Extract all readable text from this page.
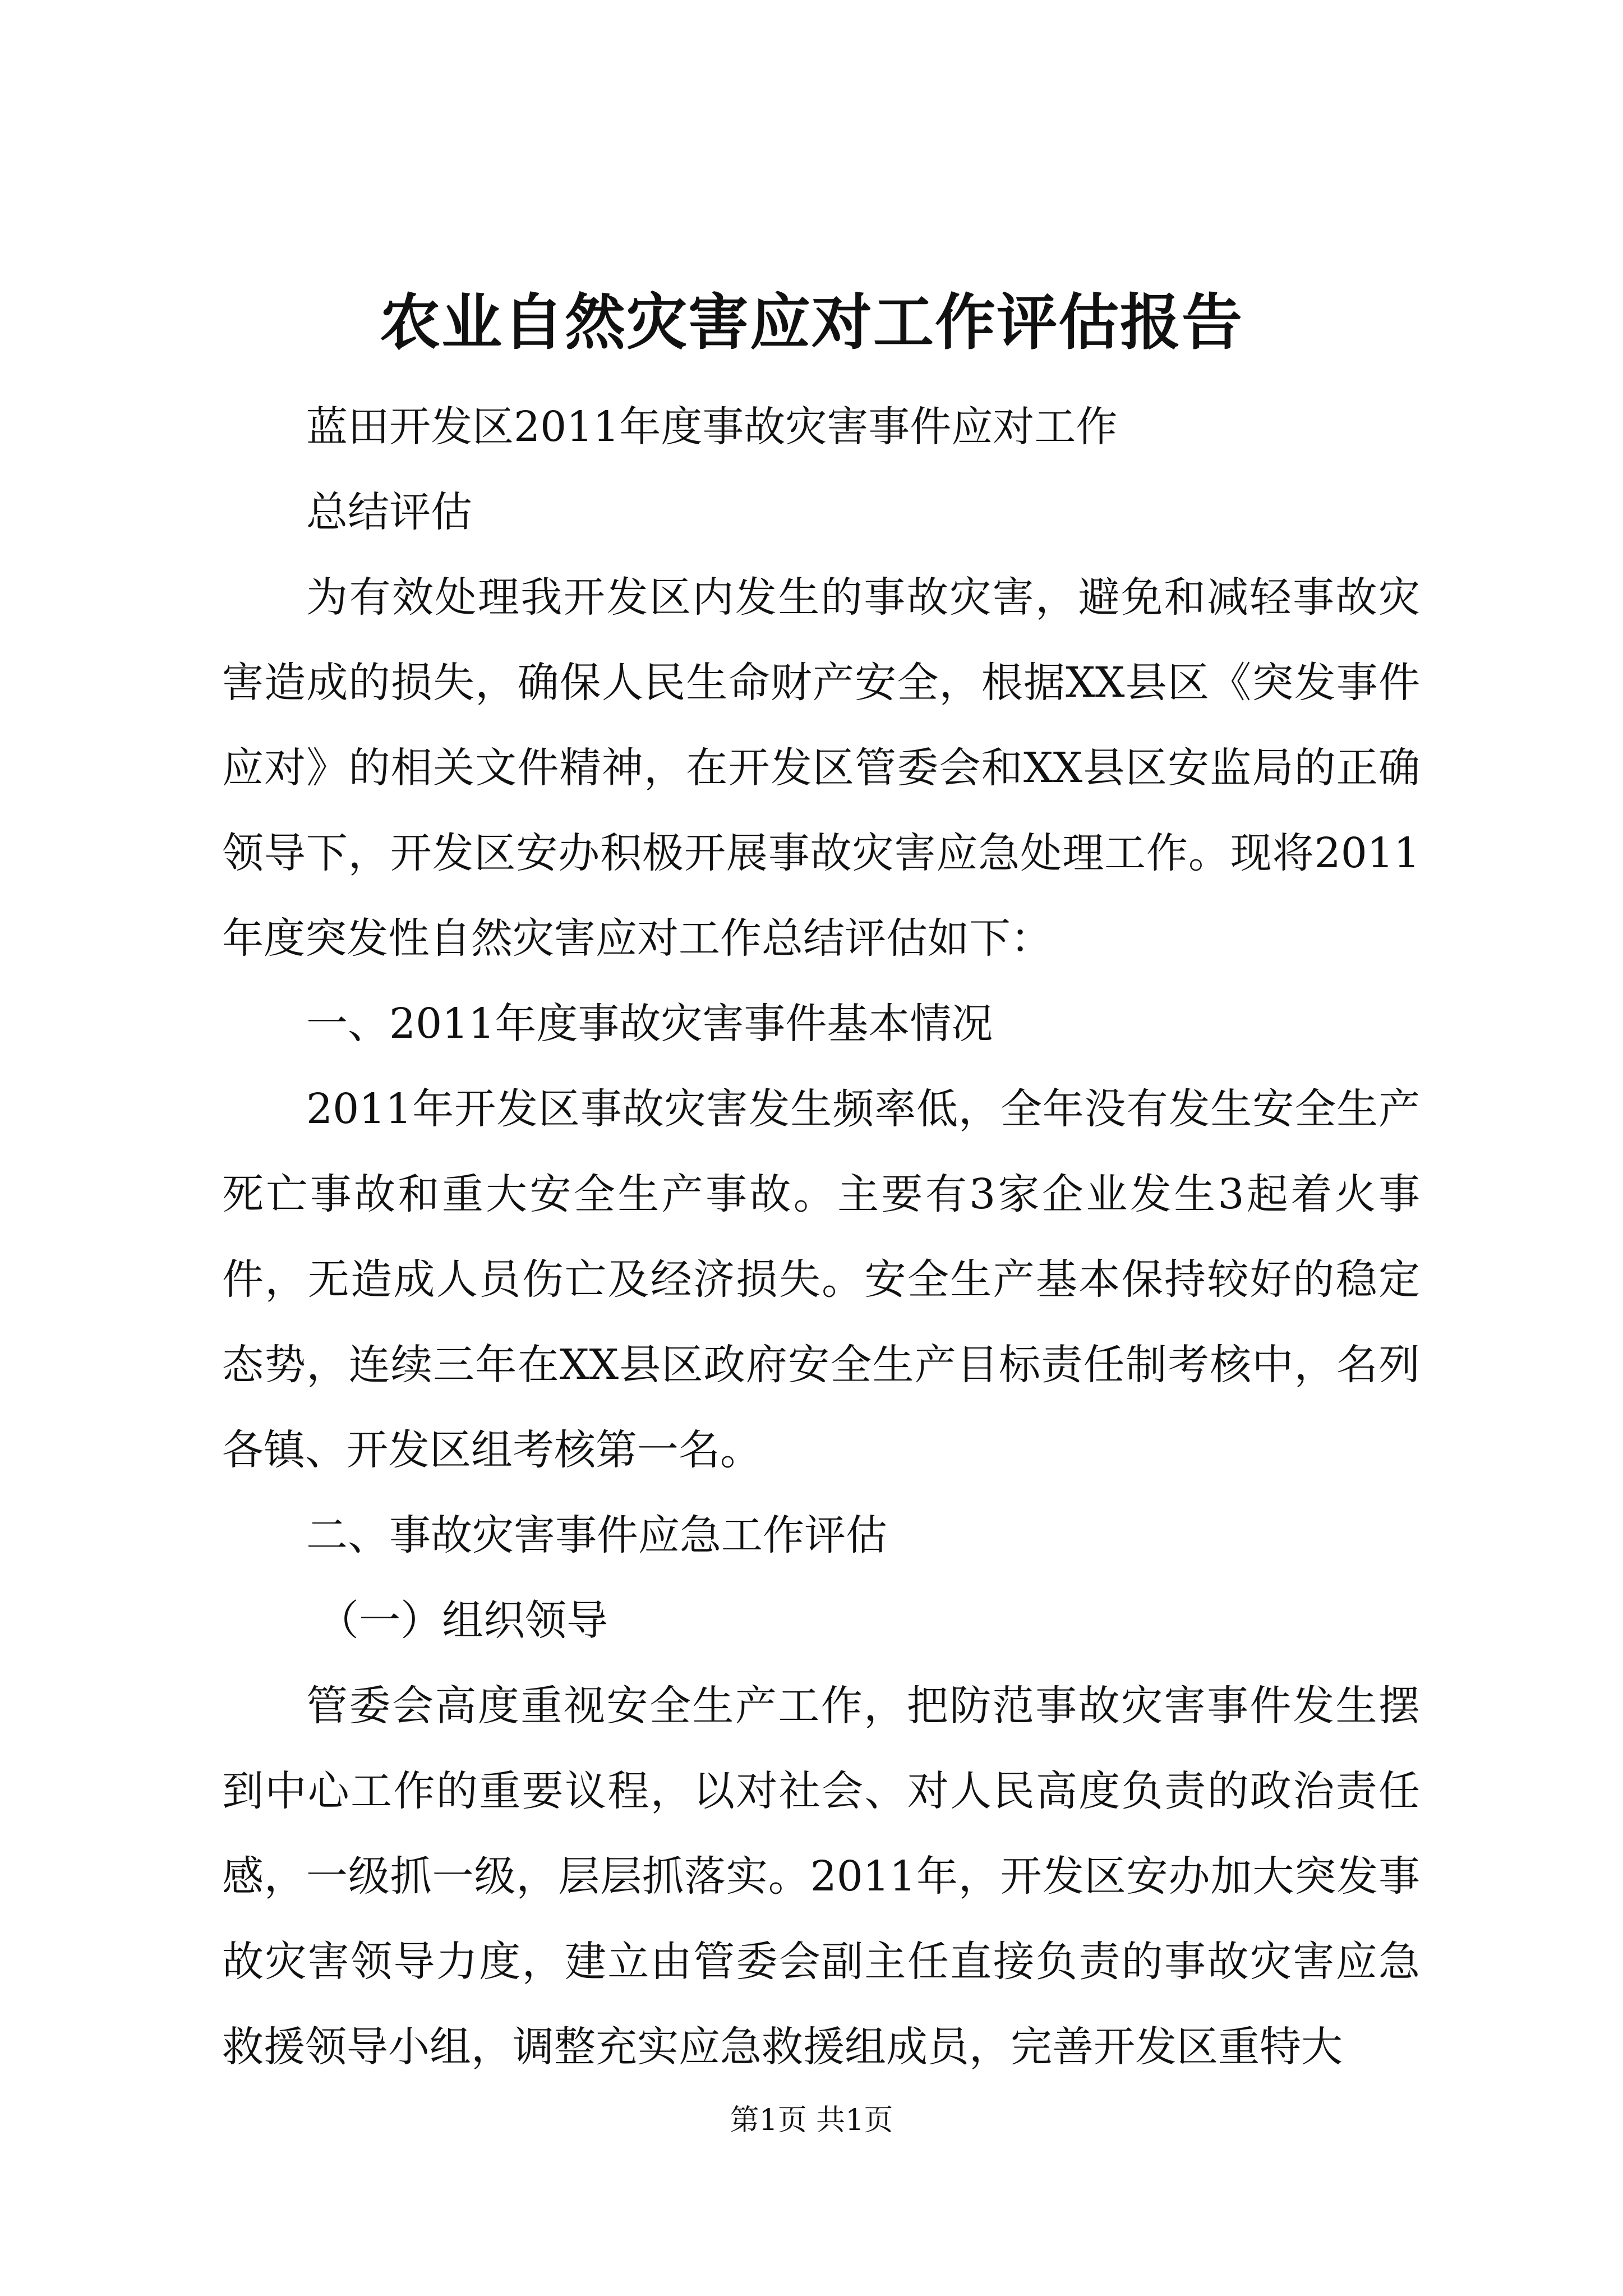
农业自然灾害应对工作评估报告

蓝田开发区2011年度事故灾害事件应对工作

总结评估

为有效处理我开发区内发生的事故灾害，避免和减轻事故灾害造成的损失，确保人民生命财产安全，根据XX县区《突发事件应对》的相关文件精神，在开发区管委会和XX县区安监局的正确领导下，开发区安办积极开展事故灾害应急处理工作。现将2011年度突发性自然灾害应对工作总结评估如下：

一、2011年度事故灾害事件基本情况

2011年开发区事故灾害发生频率低，全年没有发生安全生产死亡事故和重大安全生产事故。主要有3家企业发生3起着火事件，无造成人员伤亡及经济损失。安全生产基本保持较好的稳定态势，连续三年在XX县区政府安全生产目标责任制考核中，名列各镇、开发区组考核第一名。

二、事故灾害事件应急工作评估

（一）组织领导

管委会高度重视安全生产工作，把防范事故灾害事件发生摆到中心工作的重要议程，以对社会、对人民高度负责的政治责任感，一级抓一级，层层抓落实。2011年，开发区安办加大突发事故灾害领导力度，建立由管委会副主任直接负责的事故灾害应急救援领导小组，调整充实应急救援组成员，完善开发区重特大

第1页 共1页
